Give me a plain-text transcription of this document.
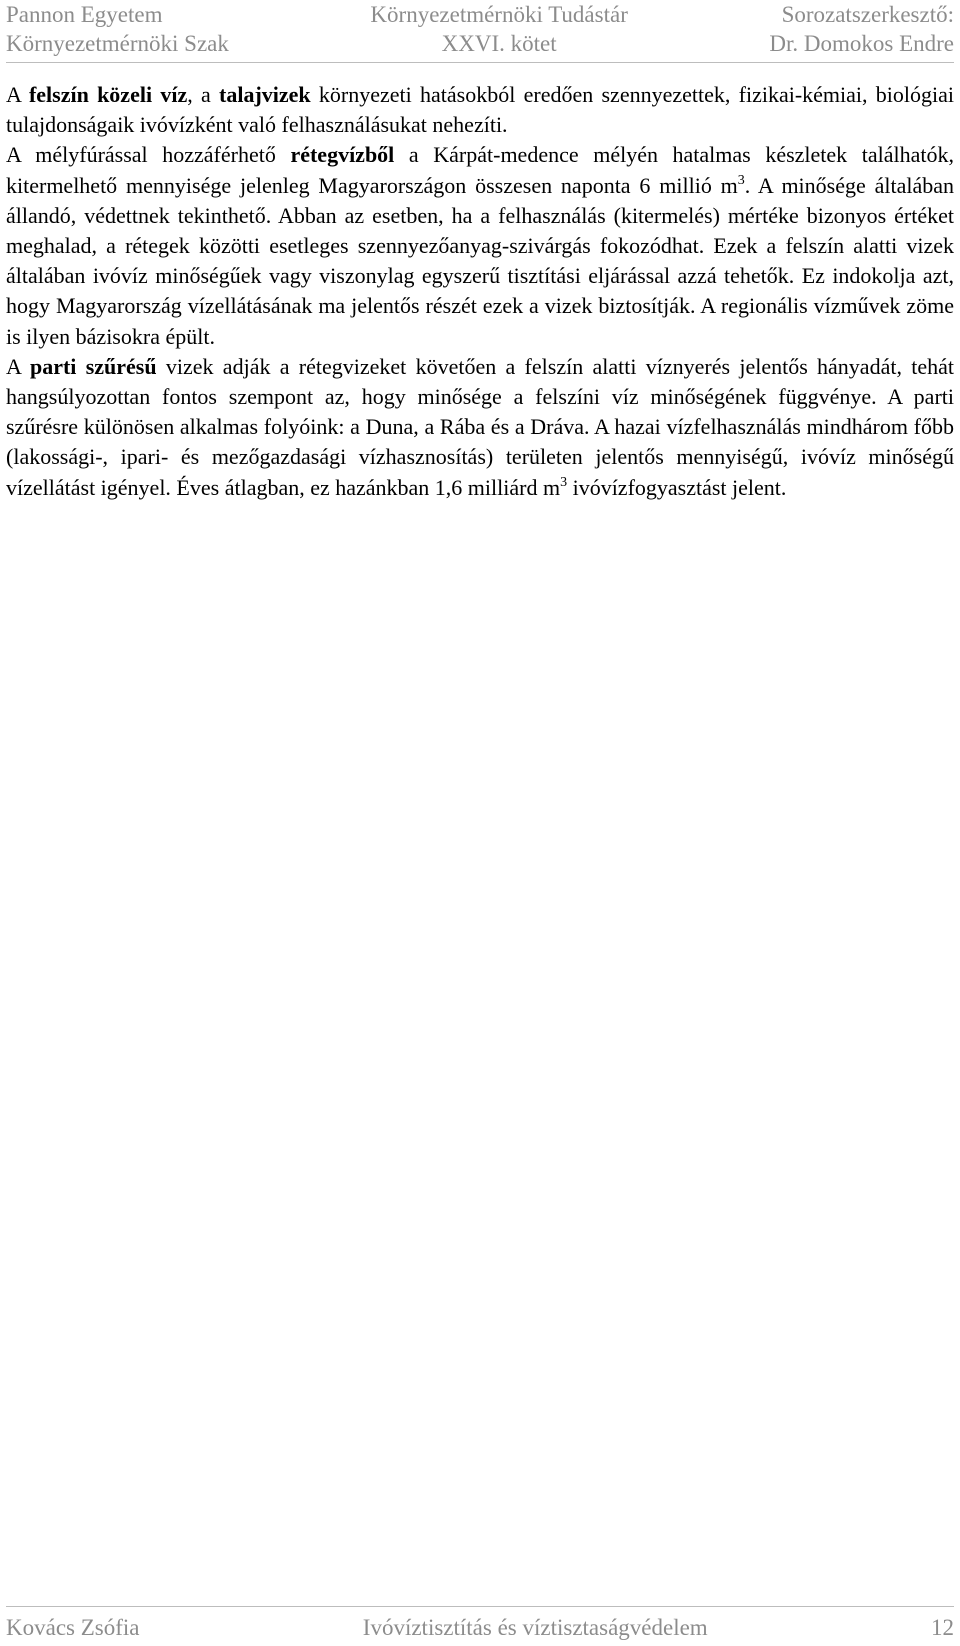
Pannon Egyetem
Környezetmérnöki Szak
Környezetmérnöki Tudástár
XXVI. kötet
Sorozatszerkesztő:
Dr. Domokos Endre

A felszín közeli víz, a talajvizek környezeti hatásokból eredően szennyezettek, fizikai-kémiai, biológiai tulajdonságaik ivóvízként való felhasználásukat nehezíti.

A mélyfúrással hozzáférhető rétegvízből a Kárpát-medence mélyén hatalmas készletek találhatók, kitermelhető mennyisége jelenleg Magyarországon összesen naponta 6 millió $m^3$. A minősége általában állandó, védettnek tekinthető. Abban az esetben, ha a felhasználás (kitermelés) mértéke bizonyos értéket meghalad, a rétegek közötti esetleges szennyezőanyag-szivárgás fokozódhat. Ezek a felszín alatti vizek általában ivóvíz minőségűek vagy viszonylag egyszerű tisztítási eljárással azzá tehetők. Ez indokolja azt, hogy Magyarország vízellátásának ma jelentős részét ezek a vizek biztosítják. A regionális vízművek zöme is ilyen bázisokra épült.

A parti szűrésű vizek adják a rétegvizeket követően a felszín alatti víznyerés jelentős hányadát, tehát hangsúlyozottan fontos szempont az, hogy minősége a felszíni víz minőségének függvénye. A parti szűrésre különösen alkalmas folyóink: a Duna, a Rába és a Dráva. A hazai vízfelhasználás mindhárom főbb (lakossági-, ipari- és mezőgazdasági vízhasznosítás) területen jelentős mennyiségű, ivóvíz minőségű vízellátást igényel. Éves átlagban, ez hazánkban 1,6 milliárd $m^3$ ivóvízfogyasztást jelent.

Kovács Zsófia	Ivóvíztisztítás és víztisztaságvédelem	12
